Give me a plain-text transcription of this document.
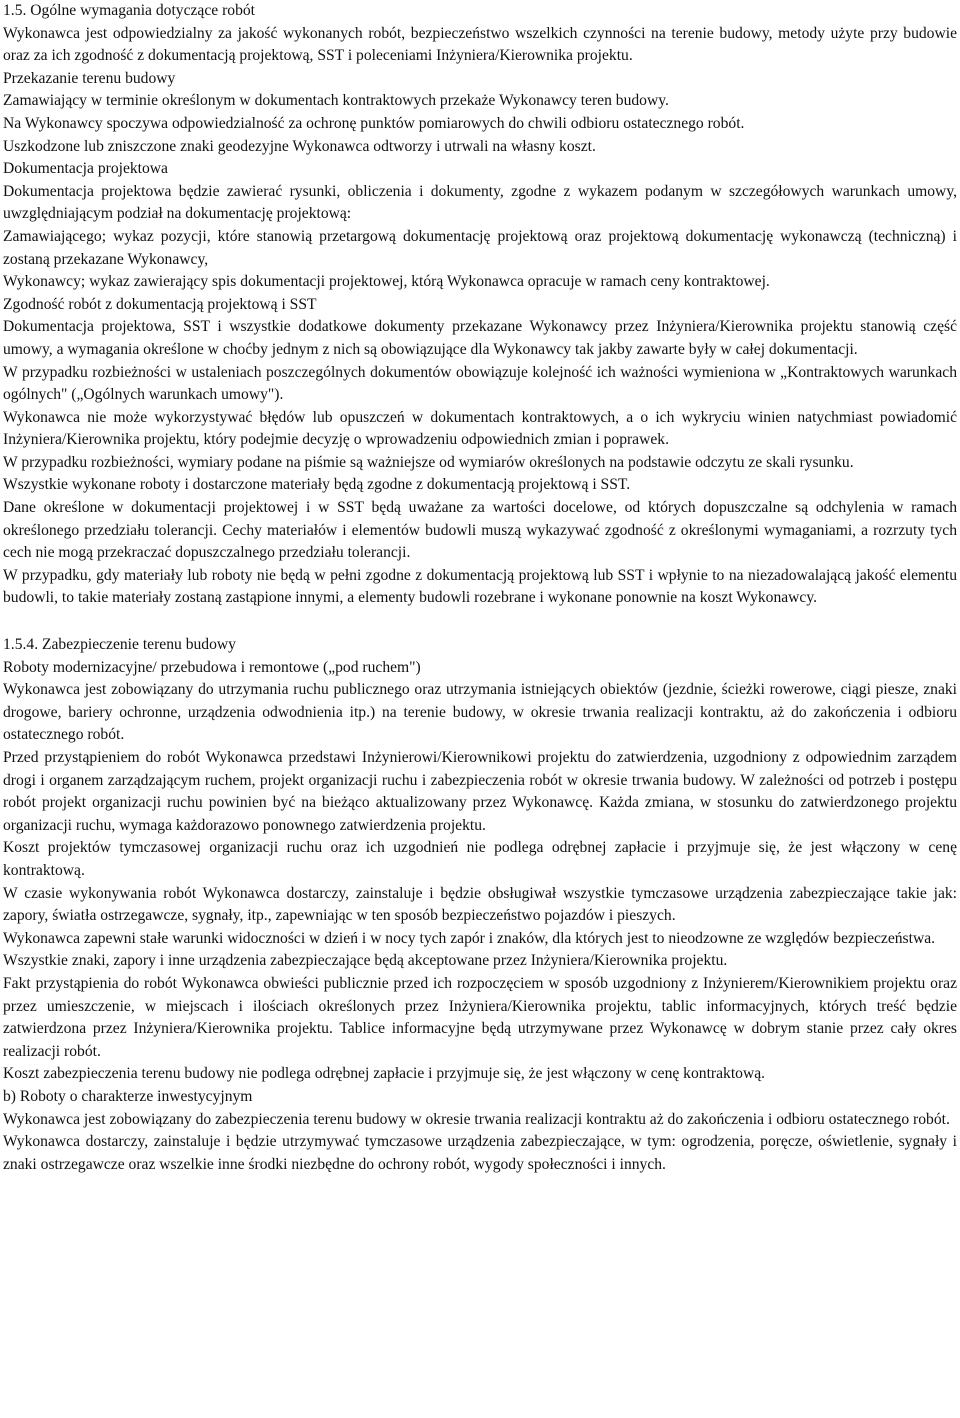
1.5. Ogólne wymagania dotyczące robót

Wykonawca jest odpowiedzialny za jakość wykonanych robót, bezpieczeństwo wszelkich czynności na terenie budowy, metody użyte przy budowie oraz za ich zgodność z dokumentacją projektową, SST i poleceniami Inżyniera/Kierownika projektu.

Przekazanie terenu budowy

Zamawiający w terminie określonym w dokumentach kontraktowych przekaże Wykonawcy teren budowy.

Na Wykonawcy spoczywa odpowiedzialność za ochronę punktów pomiarowych do chwili odbioru ostatecznego robót.

Uszkodzone lub zniszczone znaki geodezyjne Wykonawca odtworzy i utrwali na własny koszt.

Dokumentacja projektowa

Dokumentacja projektowa będzie zawierać rysunki, obliczenia i dokumenty, zgodne z wykazem podanym w szczegółowych warunkach umowy, uwzględniającym podział na dokumentację projektową:

Zamawiającego; wykaz pozycji, które stanowią przetargową dokumentację projektową oraz projektową dokumentację wykonawczą (techniczną) i zostaną przekazane Wykonawcy,

Wykonawcy; wykaz zawierający spis dokumentacji projektowej, którą Wykonawca opracuje w ramach ceny kontraktowej.

Zgodność robót z dokumentacją projektową i SST

Dokumentacja projektowa, SST i wszystkie dodatkowe dokumenty przekazane Wykonawcy przez Inżyniera/Kierownika projektu stanowią część umowy, a wymagania określone w choćby jednym z nich są obowiązujące dla Wykonawcy tak jakby zawarte były w całej dokumentacji.

W przypadku rozbieżności w ustaleniach poszczególnych dokumentów obowiązuje kolejność ich ważności wymieniona w „Kontraktowych warunkach ogólnych" („Ogólnych warunkach umowy").

Wykonawca nie może wykorzystywać błędów lub opuszczeń w dokumentach kontraktowych, a o ich wykryciu winien natychmiast powiadomić Inżyniera/Kierownika projektu, który podejmie decyzję o wprowadzeniu odpowiednich zmian i poprawek.

W przypadku rozbieżności, wymiary podane na piśmie są ważniejsze od wymiarów określonych na podstawie odczytu ze skali rysunku.

Wszystkie wykonane roboty i dostarczone materiały będą zgodne z dokumentacją projektową i SST.

Dane określone w dokumentacji projektowej i w SST będą uważane za wartości docelowe, od których dopuszczalne są odchylenia w ramach określonego przedziału tolerancji. Cechy materiałów i elementów budowli muszą wykazywać zgodność z określonymi wymaganiami, a rozrzuty tych cech nie mogą przekraczać dopuszczalnego przedziału tolerancji.

W przypadku, gdy materiały lub roboty nie będą w pełni zgodne z dokumentacją projektową lub SST i wpłynie to na niezadowalającą jakość elementu budowli, to takie materiały zostaną zastąpione innymi, a elementy budowli rozebrane i wykonane ponownie na koszt Wykonawcy.

1.5.4. Zabezpieczenie terenu budowy

Roboty modernizacyjne/ przebudowa i remontowe („pod ruchem")

Wykonawca jest zobowiązany do utrzymania ruchu publicznego oraz utrzymania istniejących obiektów (jezdnie, ścieżki rowerowe, ciągi piesze, znaki drogowe, bariery ochronne, urządzenia odwodnienia itp.) na terenie budowy, w okresie trwania realizacji kontraktu, aż do zakończenia i odbioru ostatecznego robót.

Przed przystąpieniem do robót Wykonawca przedstawi Inżynierowi/Kierownikowi projektu do zatwierdzenia, uzgodniony z odpowiednim zarządem drogi i organem zarządzającym ruchem, projekt organizacji ruchu i zabezpieczenia robót w okresie trwania budowy. W zależności od potrzeb i postępu robót projekt organizacji ruchu powinien być na bieżąco aktualizowany przez Wykonawcę. Każda zmiana, w stosunku do zatwierdzonego projektu organizacji ruchu, wymaga każdorazowo ponownego zatwierdzenia projektu.

Koszt projektów tymczasowej organizacji ruchu oraz ich uzgodnień nie podlega odrębnej zapłacie i przyjmuje się, że jest włączony w cenę kontraktową.

W czasie wykonywania robót Wykonawca dostarczy, zainstaluje i będzie obsługiwał wszystkie tymczasowe urządzenia zabezpieczające takie jak: zapory, światła ostrzegawcze, sygnały, itp., zapewniając w ten sposób bezpieczeństwo pojazdów i pieszych.

Wykonawca zapewni stałe warunki widoczności w dzień i w nocy tych zapór i znaków, dla których jest to nieodzowne ze względów bezpieczeństwa.

Wszystkie znaki, zapory i inne urządzenia zabezpieczające będą akceptowane przez Inżyniera/Kierownika projektu.

Fakt przystąpienia do robót Wykonawca obwieści publicznie przed ich rozpoczęciem w sposób uzgodniony z Inżynierem/Kierownikiem projektu oraz przez umieszczenie, w miejscach i ilościach określonych przez Inżyniera/Kierownika projektu, tablic informacyjnych, których treść będzie zatwierdzona przez Inżyniera/Kierownika projektu. Tablice informacyjne będą utrzymywane przez Wykonawcę w dobrym stanie przez cały okres realizacji robót.

Koszt zabezpieczenia terenu budowy nie podlega odrębnej zapłacie i przyjmuje się, że jest włączony w cenę kontraktową.

b) Roboty o charakterze inwestycyjnym

Wykonawca jest zobowiązany do zabezpieczenia terenu budowy w okresie trwania realizacji kontraktu aż do zakończenia i odbioru ostatecznego robót.

Wykonawca dostarczy, zainstaluje i będzie utrzymywać tymczasowe urządzenia zabezpieczające, w tym: ogrodzenia, poręcze, oświetlenie, sygnały i znaki ostrzegawcze oraz wszelkie inne środki niezbędne do ochrony robót, wygody społeczności i innych.
